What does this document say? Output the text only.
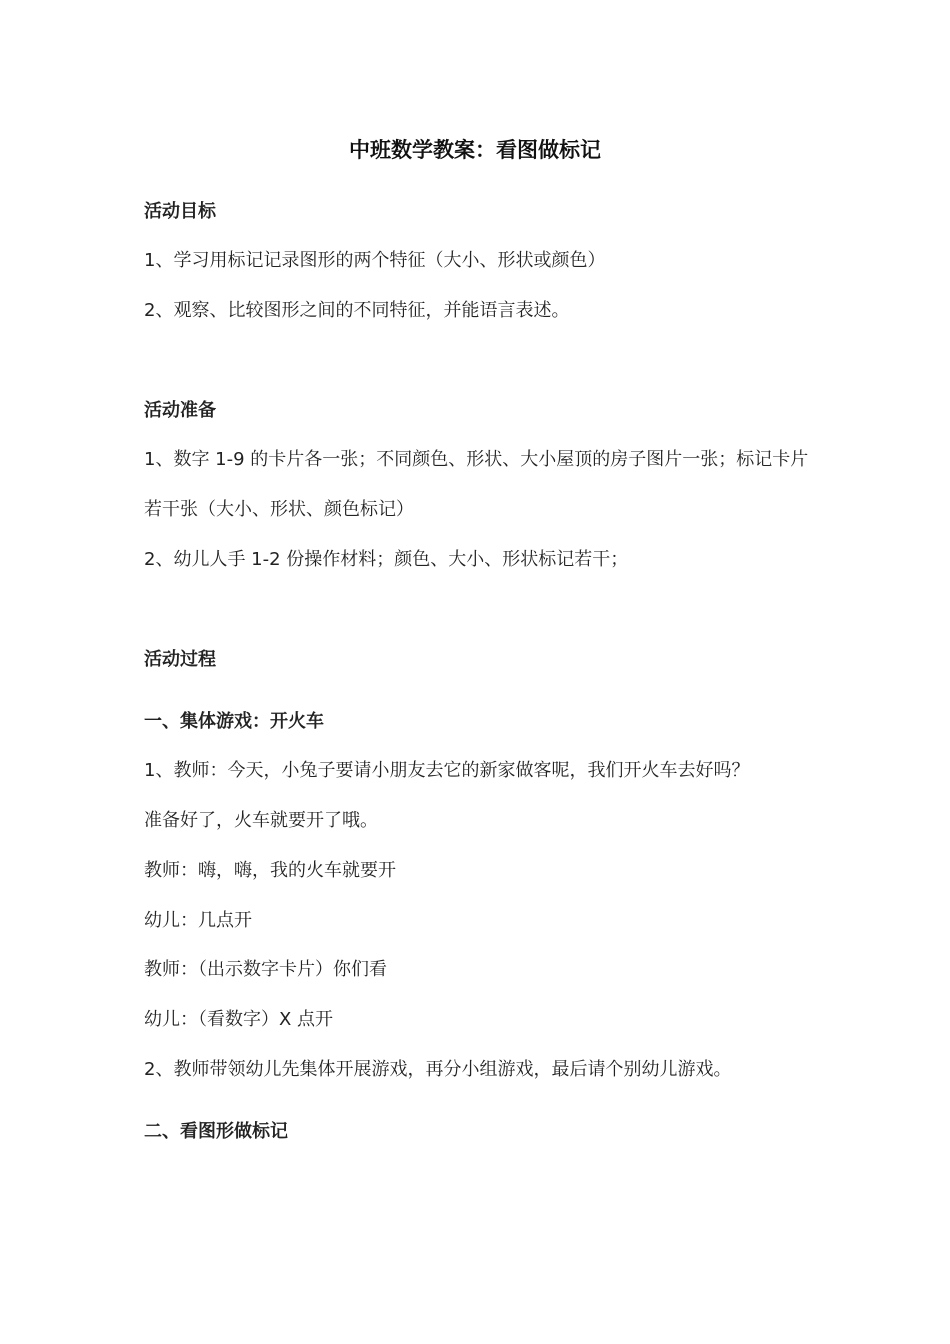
中班数学教案：看图做标记
活动目标
1、学习用标记记录图形的两个特征（大小、形状或颜色）
2、观察、比较图形之间的不同特征，并能语言表述。
活动准备
1、数字 1-9 的卡片各一张；不同颜色、形状、大小屋顶的房子图片一张；标记卡片
若干张（大小、形状、颜色标记）
2、幼儿人手 1-2 份操作材料；颜色、大小、形状标记若干；
活动过程
一、集体游戏：开火车
1、教师：今天，小兔子要请小朋友去它的新家做客呢，我们开火车去好吗？
准备好了，火车就要开了哦。
教师：嗨，嗨，我的火车就要开
幼儿：几点开
教师：（出示数字卡片）你们看
幼儿：（看数字）X 点开
2、教师带领幼儿先集体开展游戏，再分小组游戏，最后请个别幼儿游戏。
二、看图形做标记
